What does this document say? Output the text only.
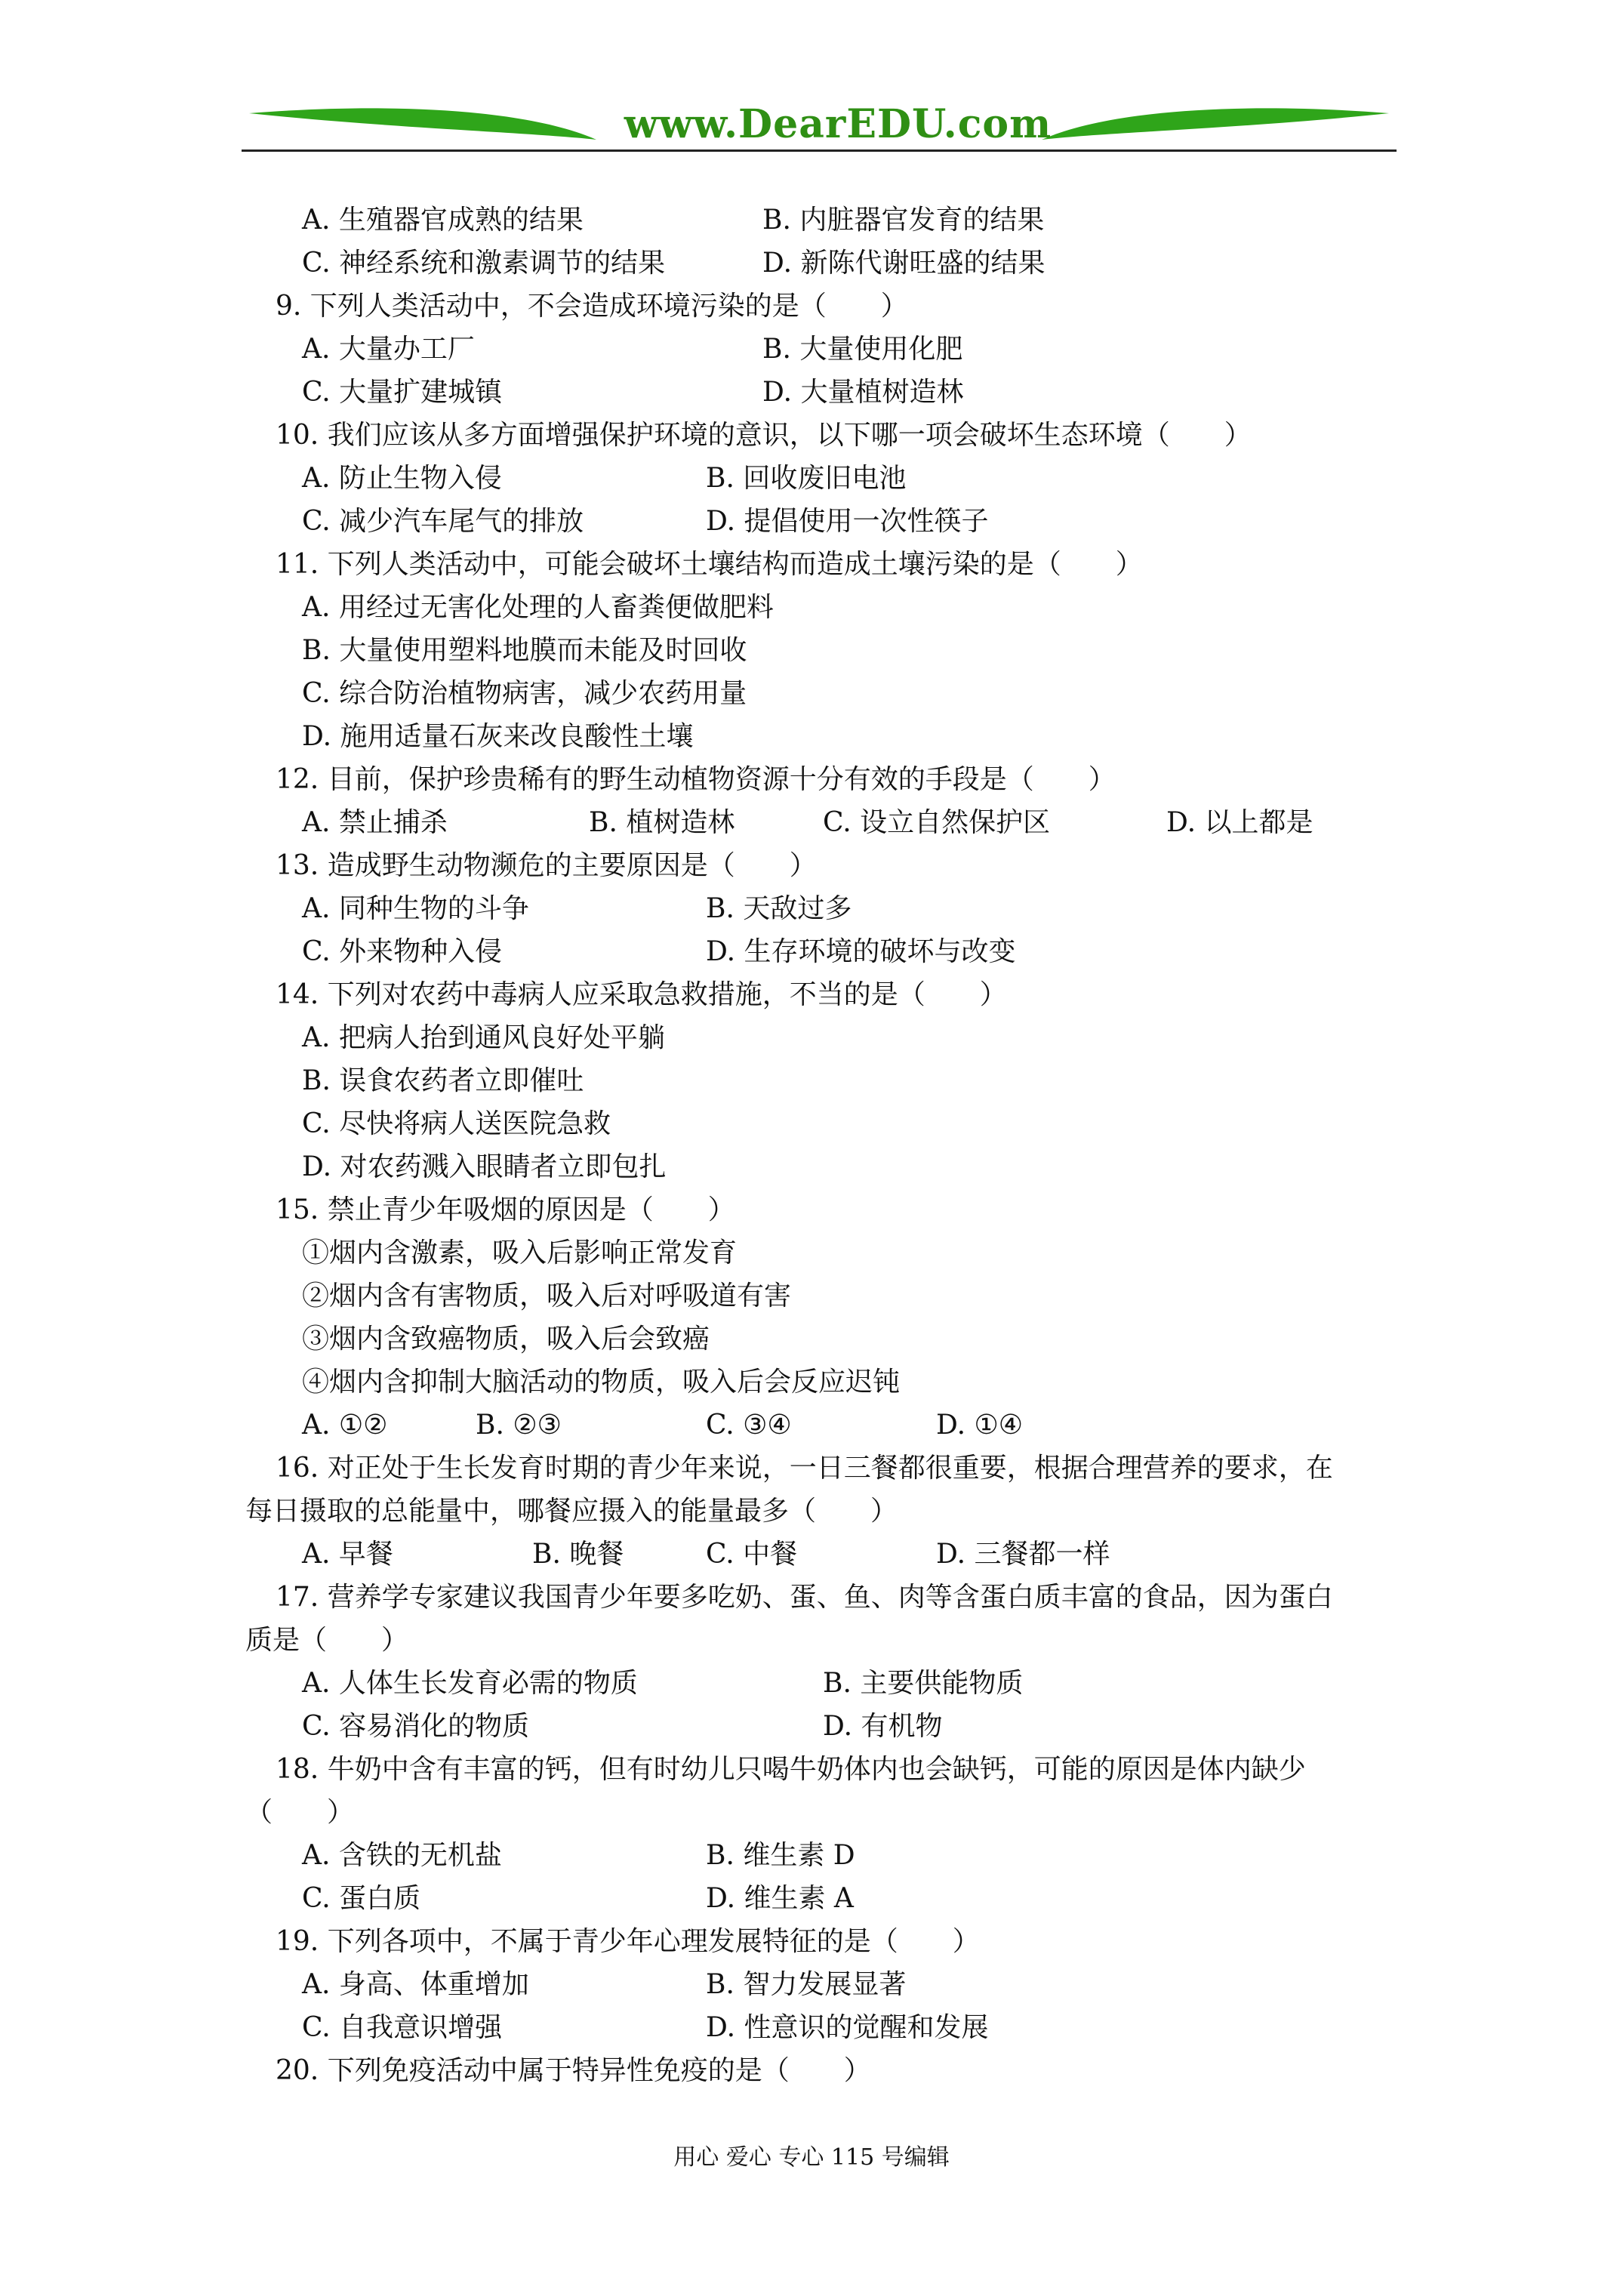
www.DearEDU.com
A. 生殖器官成熟的结果	B. 内脏器官发育的结果
C. 神经系统和激素调节的结果	D. 新陈代谢旺盛的结果
9. 下列人类活动中，不会造成环境污染的是（　　）
A. 大量办工厂	B. 大量使用化肥
C. 大量扩建城镇	D. 大量植树造林
10. 我们应该从多方面增强保护环境的意识，以下哪一项会破坏生态环境（　　）
A. 防止生物入侵	B. 回收废旧电池
C. 减少汽车尾气的排放	D. 提倡使用一次性筷子
11. 下列人类活动中，可能会破坏土壤结构而造成土壤污染的是（　　）
A. 用经过无害化处理的人畜粪便做肥料
B. 大量使用塑料地膜而未能及时回收
C. 综合防治植物病害，减少农药用量
D. 施用适量石灰来改良酸性土壤
12. 目前，保护珍贵稀有的野生动植物资源十分有效的手段是（　　）
A. 禁止捕杀	B. 植树造林	C. 设立自然保护区	D. 以上都是
13. 造成野生动物濒危的主要原因是（　　）
A. 同种生物的斗争	B. 天敌过多
C. 外来物种入侵	D. 生存环境的破坏与改变
14. 下列对农药中毒病人应采取急救措施，不当的是（　　）
A. 把病人抬到通风良好处平躺
B. 误食农药者立即催吐
C. 尽快将病人送医院急救
D. 对农药溅入眼睛者立即包扎
15. 禁止青少年吸烟的原因是（　　）
①烟内含激素，吸入后影响正常发育
②烟内含有害物质，吸入后对呼吸道有害
③烟内含致癌物质，吸入后会致癌
④烟内含抑制大脑活动的物质，吸入后会反应迟钝
A. ①②	B. ②③	C. ③④	D. ①④
16. 对正处于生长发育时期的青少年来说，一日三餐都很重要，根据合理营养的要求，在
每日摄取的总能量中，哪餐应摄入的能量最多（　　）
A. 早餐	B. 晚餐	C. 中餐	D. 三餐都一样
17. 营养学专家建议我国青少年要多吃奶、蛋、鱼、肉等含蛋白质丰富的食品，因为蛋白
质是（　　）
A. 人体生长发育必需的物质	B. 主要供能物质
C. 容易消化的物质	D. 有机物
18. 牛奶中含有丰富的钙，但有时幼儿只喝牛奶体内也会缺钙，可能的原因是体内缺少
（　　）
A. 含铁的无机盐	B. 维生素 D
C. 蛋白质	D. 维生素 A
19. 下列各项中，不属于青少年心理发展特征的是（　　）
A. 身高、体重增加	B. 智力发展显著
C. 自我意识增强	D. 性意识的觉醒和发展
20. 下列免疫活动中属于特异性免疫的是（　　）
用心 爱心 专心 115 号编辑
